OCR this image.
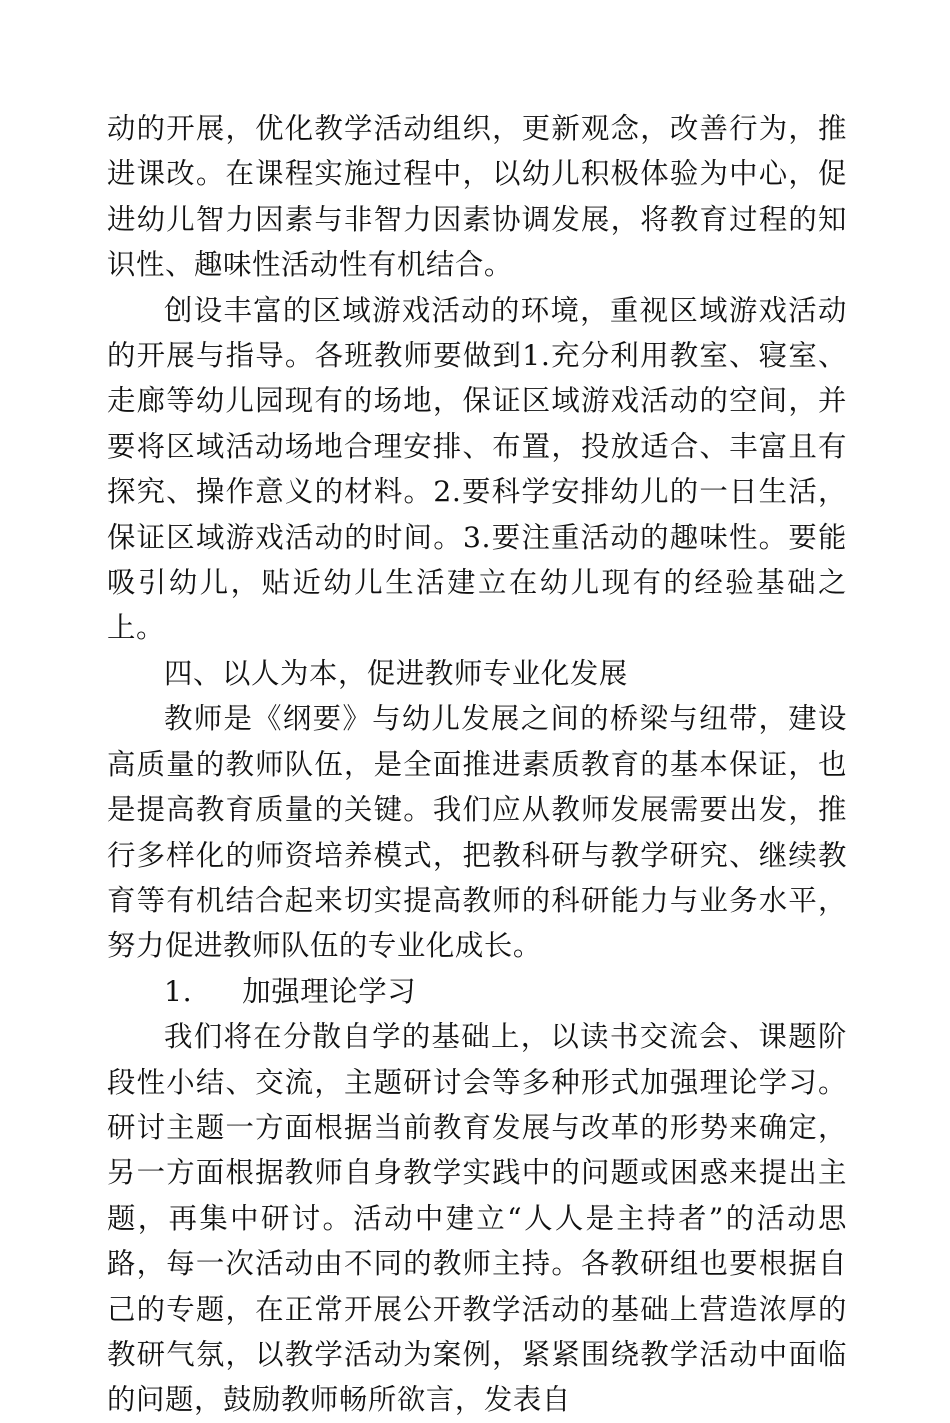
动的开展，优化教学活动组织，更新观念，改善行为，推进课改。在课程实施过程中，以幼儿积极体验为中心，促进幼儿智力因素与非智力因素协调发展，将教育过程的知识性、趣味性活动性有机结合。

创设丰富的区域游戏活动的环境，重视区域游戏活动的开展与指导。各班教师要做到1.充分利用教室、寝室、走廊等幼儿园现有的场地，保证区域游戏活动的空间，并要将区域活动场地合理安排、布置，投放适合、丰富且有探究、操作意义的材料。2.要科学安排幼儿的一日生活，保证区域游戏活动的时间。3.要注重活动的趣味性。要能吸引幼儿，贴近幼儿生活建立在幼儿现有的经验基础之上。

四、以人为本，促进教师专业化发展

教师是《纲要》与幼儿发展之间的桥梁与纽带，建设高质量的教师队伍，是全面推进素质教育的基本保证，也是提高教育质量的关键。我们应从教师发展需要出发，推行多样化的师资培养模式，把教科研与教学研究、继续教育等有机结合起来切实提高教师的科研能力与业务水平，努力促进教师队伍的专业化成长。

1. 加强理论学习

我们将在分散自学的基础上，以读书交流会、课题阶段性小结、交流，主题研讨会等多种形式加强理论学习。研讨主题一方面根据当前教育发展与改革的形势来确定，另一方面根据教师自身教学实践中的问题或困惑来提出主题，再集中研讨。活动中建立“人人是主持者”的活动思路，每一次活动由不同的教师主持。各教研组也要根据自己的专题，在正常开展公开教学活动的基础上营造浓厚的教研气氛，以教学活动为案例，紧紧围绕教学活动中面临的问题，鼓励教师畅所欲言，发表自
